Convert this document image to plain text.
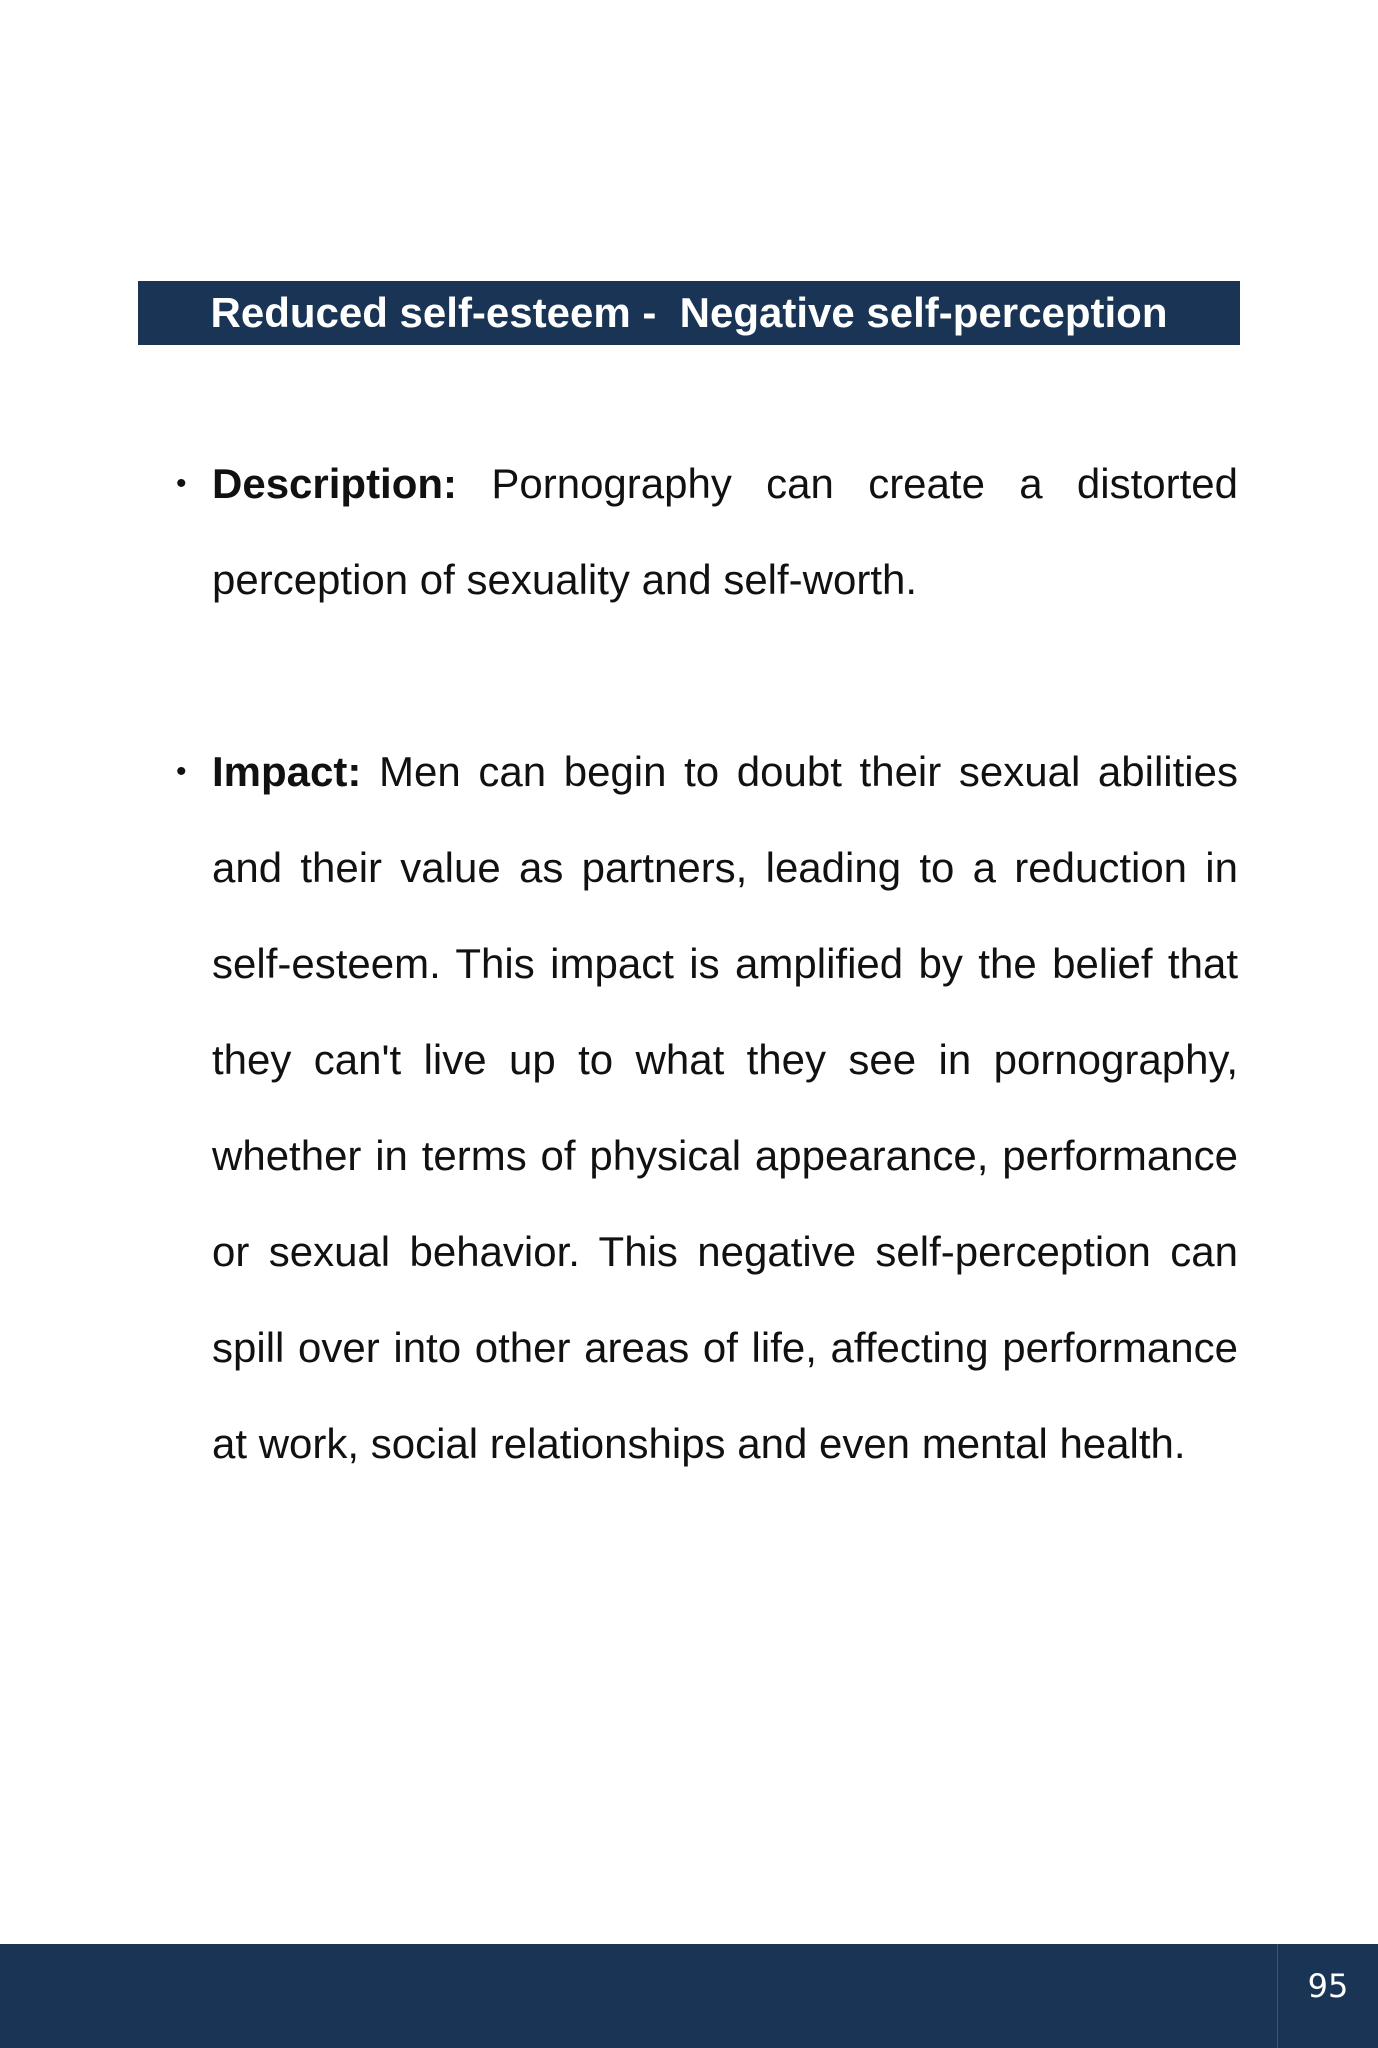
Reduced self-esteem -  Negative self-perception
• Description: Pornography can create a distorted perception of sexuality and self-worth.
• Impact: Men can begin to doubt their sexual abilities and their value as partners, leading to a reduction in self-esteem. This impact is amplified by the belief that they can't live up to what they see in pornography, whether in terms of physical appearance, performance or sexual behavior. This negative self-perception can spill over into other areas of life, affecting performance at work, social relationships and even mental health.
95
